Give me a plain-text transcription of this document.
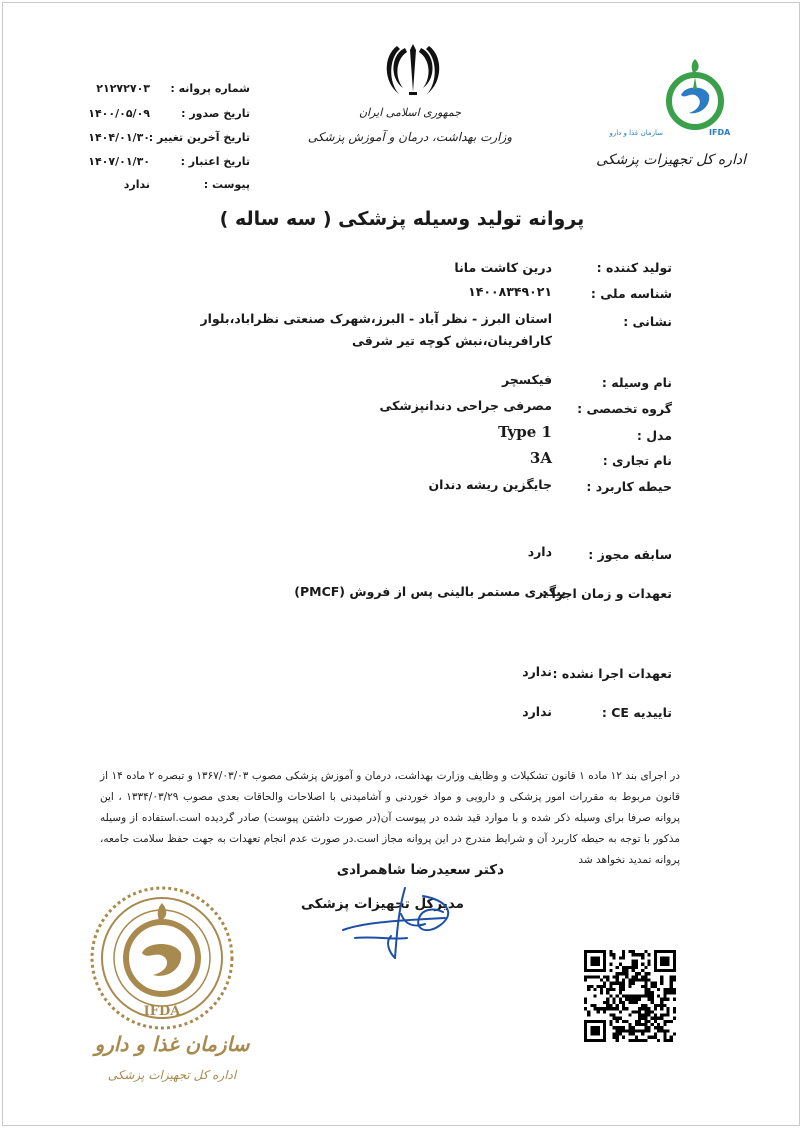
شماره پروانه :
۲۱۲۷۲۷۰۳
تاریخ صدور :
۱۴۰۰/۰۵/۰۹
تاریخ آخرین تغییر :
۱۴۰۴/۰۱/۳۰
تاریخ اعتبار :
۱۴۰۷/۰۱/۳۰
پیوست :
ندارد
جمهوری اسلامی ایران
وزارت بهداشت، درمان و آموزش پزشکی	سازمان غذا و دارو	IFDA
اداره کل تجهیزات پزشکی
پروانه تولید وسیله پزشکی ( سه ساله )
تولید کننده :
درین کاشت مانا
شناسه ملی :
۱۴۰۰۸۳۴۹۰۲۱
نشانی :
استان البرز - نظر آباد - البرز،شهرک صنعتی نظراباد،بلوار کارافرینان،نبش کوچه تیر شرقی
نام وسیله :
فیکسچر
گروه تخصصی :
مصرفی جراحی دندانپزشکی
مدل :
Type 1
نام تجاری :
3A
حیطه کاربرد :
جایگزین ریشه دندان
سابقه مجوز :
دارد
تعهدات و زمان اجرا :
پیگیری مستمر بالینی پس از فروش (PMCF)
تعهدات اجرا نشده :
ندارد
تاییدیه CE :
ندارد
در اجرای بند ۱۲ ماده ۱ قانون تشکیلات و وظایف وزارت بهداشت، درمان و آموزش پزشکی مصوب ۱۳۶۷/۰۳/۰۳ و تبصره ۲ ماده ۱۴ از قانون مربوط به مقررات امور پزشکی و دارویی و مواد خوردنی و آشامیدنی با اصلاحات والحاقات بعدی مصوب ۱۳۳۴/۰۳/۲۹ ، این پروانه صرفا برای وسیله ذکر شده و با موارد قید شده در پیوست آن(در صورت داشتن پیوست) صادر گردیده است.استفاده از وسیله مذکور با توجه به حیطه کاربرد آن و شرایط مندرج در این پروانه مجاز است.در صورت عدم انجام تعهدات به جهت حفظ سلامت جامعه، پروانه تمدید نخواهد شد
دکتر سعیدرضا شاهمرادی
مدیرکل تجهیزات پزشکی
IFDA
سازمان غذا و دارو
اداره کل تجهیزات پزشکی
